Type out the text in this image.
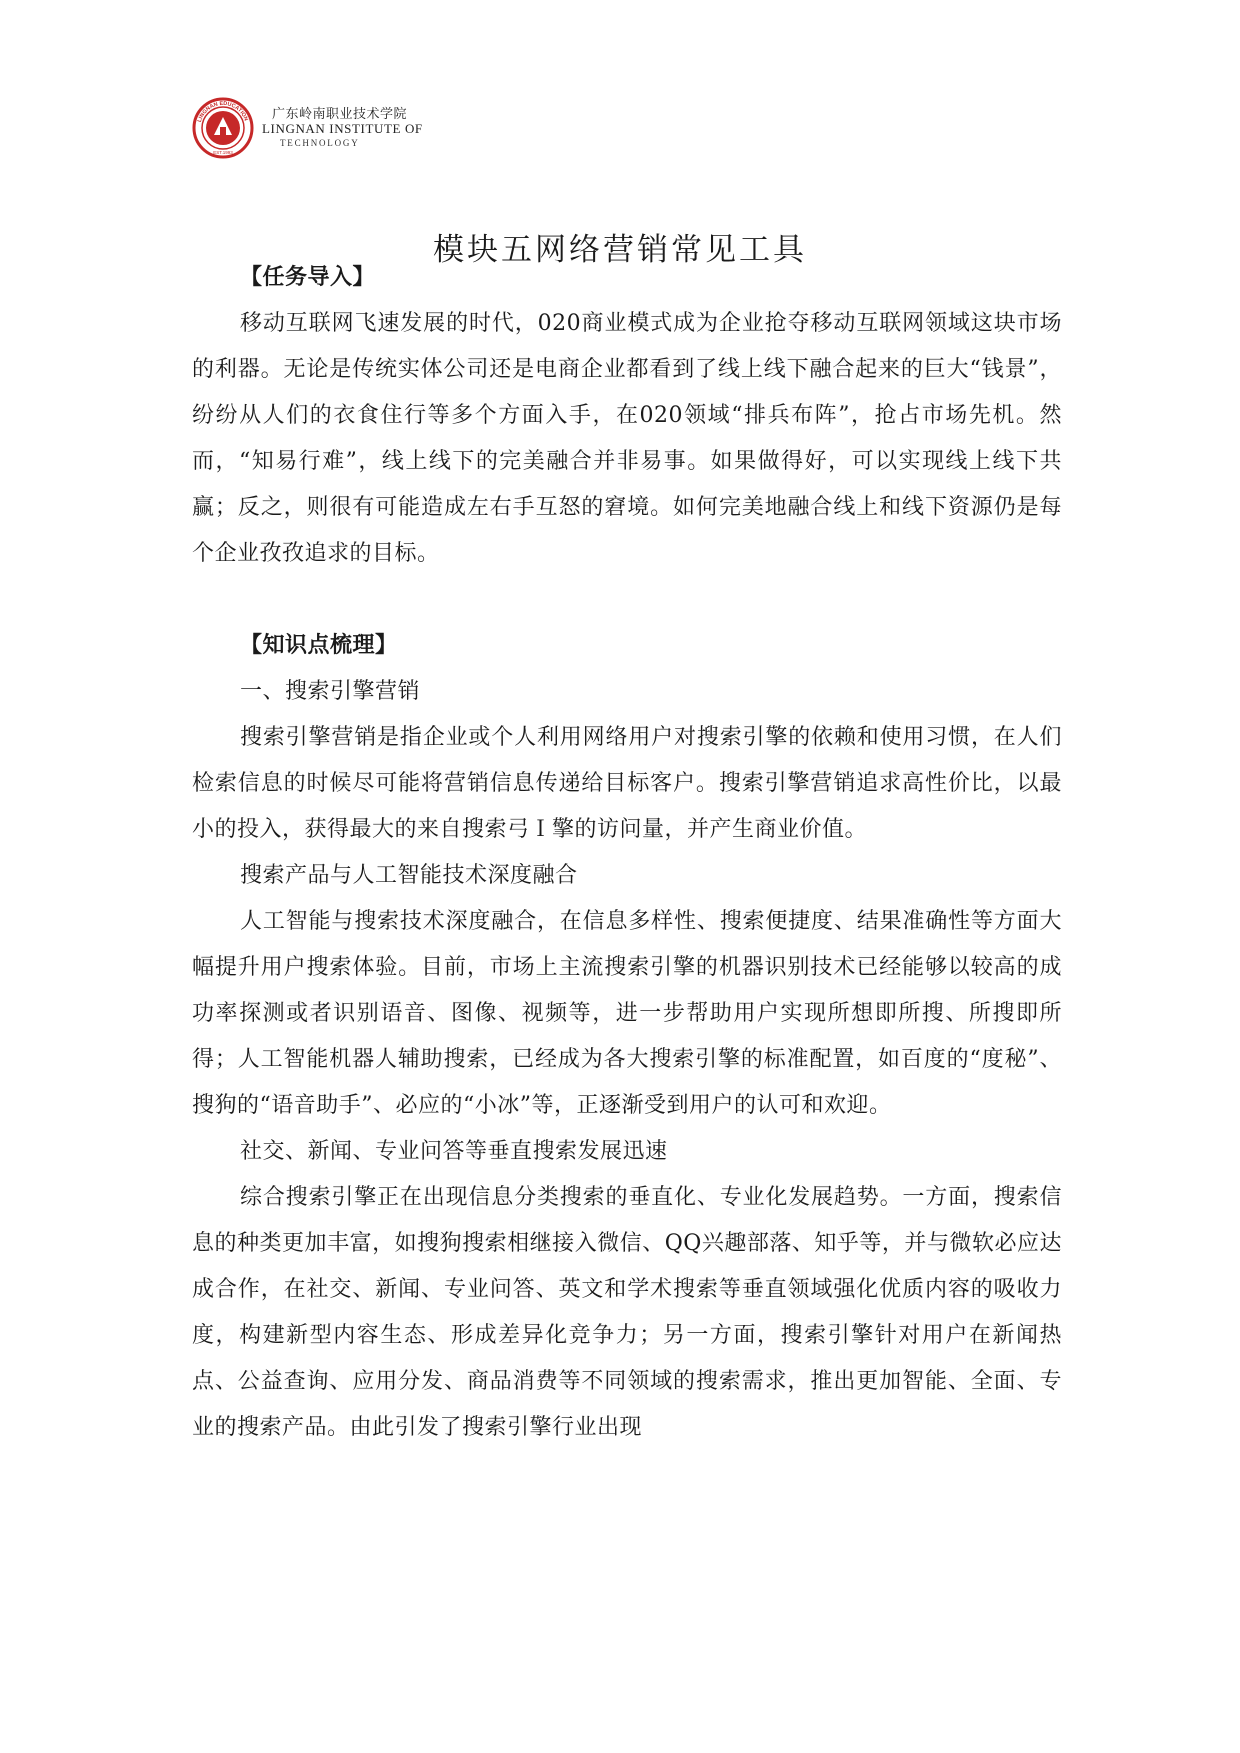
LINGNAN EDUCATION
EST.1993
广东岭南职业技术学院
LINGNAN INSTITUTE OF
TECHNOLOGY
模块五网络营销常见工具

【任务导入】

移动互联网飞速发展的时代，020商业模式成为企业抢夺移动互联网领域这块市场的利器。无论是传统实体公司还是电商企业都看到了线上线下融合起来的巨大“钱景”，纷纷从人们的衣食住行等多个方面入手，在020领域“排兵布阵”，抢占市场先机。然而，“知易行难”，线上线下的完美融合并非易事。如果做得好，可以实现线上线下共赢；反之，则很有可能造成左右手互怒的窘境。如何完美地融合线上和线下资源仍是每个企业孜孜追求的目标。

【知识点梳理】

一、搜索引擎营销

搜索引擎营销是指企业或个人利用网络用户对搜索引擎的依赖和使用习惯，在人们检索信息的时候尽可能将营销信息传递给目标客户。搜索引擎营销追求高性价比，以最小的投入，获得最大的来自搜索弓Ｉ擎的访问量，并产生商业价值。

搜索产品与人工智能技术深度融合

人工智能与搜索技术深度融合，在信息多样性、搜索便捷度、结果准确性等方面大幅提升用户搜索体验。目前，市场上主流搜索引擎的机器识别技术已经能够以较高的成功率探测或者识别语音、图像、视频等，进一步帮助用户实现所想即所搜、所搜即所得；人工智能机器人辅助搜索，已经成为各大搜索引擎的标准配置，如百度的“度秘”、搜狗的“语音助手”、必应的“小冰”等，正逐渐受到用户的认可和欢迎。

社交、新闻、专业问答等垂直搜索发展迅速

综合搜索引擎正在出现信息分类搜索的垂直化、专业化发展趋势。一方面，搜索信息的种类更加丰富，如搜狗搜索相继接入微信、QQ兴趣部落、知乎等，并与微软必应达成合作，在社交、新闻、专业问答、英文和学术搜索等垂直领域强化优质内容的吸收力度，构建新型内容生态、形成差异化竞争力；另一方面，搜索引擎针对用户在新闻热点、公益查询、应用分发、商品消费等不同领域的搜索需求，推出更加智能、全面、专业的搜索产品。由此引发了搜索引擎行业出现
